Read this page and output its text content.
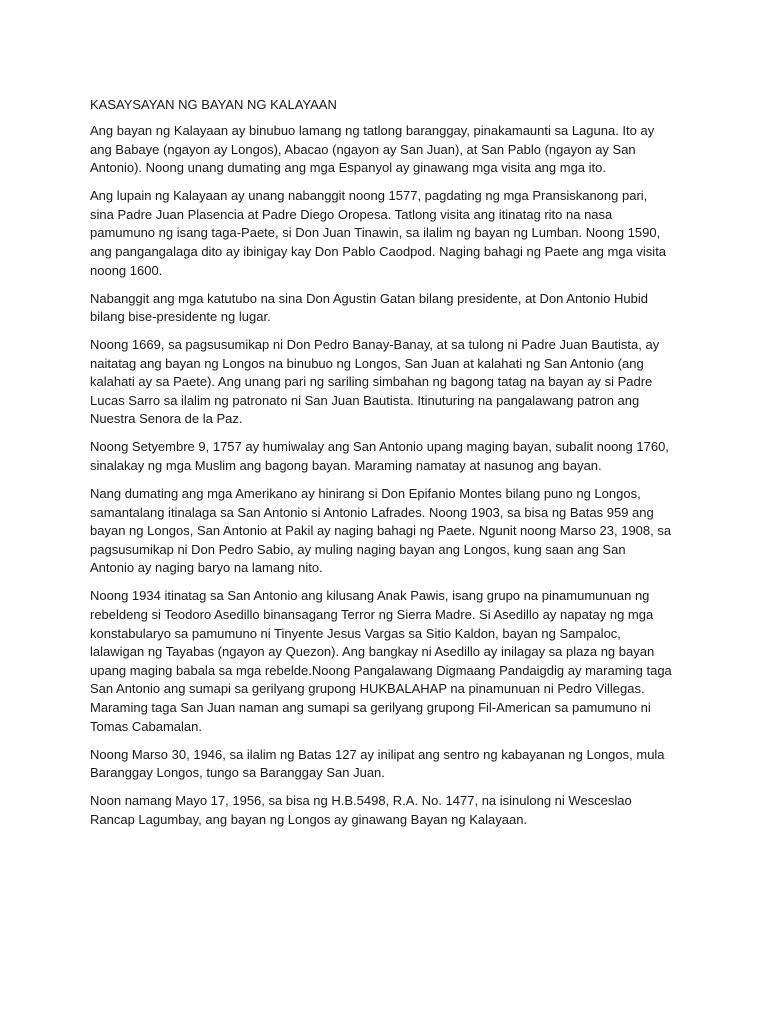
KASAYSAYAN NG BAYAN NG KALAYAAN

Ang bayan ng Kalayaan ay binubuo lamang ng tatlong baranggay, pinakamaunti sa Laguna. Ito ay ang Babaye (ngayon ay Longos), Abacao (ngayon ay San Juan), at San Pablo (ngayon ay San Antonio). Noong unang dumating ang mga Espanyol ay ginawang mga visita ang mga ito.

Ang lupain ng Kalayaan ay unang nabanggit noong 1577, pagdating ng mga Pransiskanong pari, sina Padre Juan Plasencia at Padre Diego Oropesa. Tatlong visita ang itinatag rito na nasa pamumuno ng isang taga-Paete, si Don Juan Tinawin, sa ilalim ng bayan ng Lumban. Noong 1590, ang pangangalaga dito ay ibinigay kay Don Pablo Caodpod. Naging bahagi ng Paete ang mga visita noong 1600.

Nabanggit ang mga katutubo na sina Don Agustin Gatan bilang presidente, at Don Antonio Hubid bilang bise-presidente ng lugar.

Noong 1669, sa pagsusumikap ni Don Pedro Banay-Banay, at sa tulong ni Padre Juan Bautista, ay naitatag ang bayan ng Longos na binubuo ng Longos, San Juan at kalahati ng San Antonio (ang kalahati ay sa Paete). Ang unang pari ng sariling simbahan ng bagong tatag na bayan ay si Padre Lucas Sarro sa ilalim ng patronato ni San Juan Bautista. Itinuturing na pangalawang patron ang Nuestra Senora de la Paz.

Noong Setyembre 9, 1757 ay humiwalay ang San Antonio upang maging bayan, subalit noong 1760, sinalakay ng mga Muslim ang bagong bayan. Maraming namatay at nasunog ang bayan.

Nang dumating ang mga Amerikano ay hinirang si Don Epifanio Montes bilang puno ng Longos, samantalang itinalaga sa San Antonio si Antonio Lafrades. Noong 1903, sa bisa ng Batas 959 ang bayan ng Longos, San Antonio at Pakil ay naging bahagi ng Paete. Ngunit noong Marso 23, 1908, sa pagsusumikap ni Don Pedro Sabio, ay muling naging bayan ang Longos, kung saan ang San Antonio ay naging baryo na lamang nito.

Noong 1934 itinatag sa San Antonio ang kilusang Anak Pawis, isang grupo na pinamumunuan ng rebeldeng si Teodoro Asedillo binansagang Terror ng Sierra Madre. Si Asedillo ay napatay ng mga konstabularyo sa pamumuno ni Tinyente Jesus Vargas sa Sitio Kaldon, bayan ng Sampaloc, lalawigan ng Tayabas (ngayon ay Quezon). Ang bangkay ni Asedillo ay inilagay sa plaza ng bayan upang maging babala sa mga rebelde.Noong Pangalawang Digmaang Pandaigdig ay maraming taga San Antonio ang sumapi sa gerilyang grupong HUKBALAHAP na pinamunuan ni Pedro Villegas. Maraming taga San Juan naman ang sumapi sa gerilyang grupong Fil-American sa pamumuno ni Tomas Cabamalan.

Noong Marso 30, 1946, sa ilalim ng Batas 127 ay inilipat ang sentro ng kabayanan ng Longos, mula Baranggay Longos, tungo sa Baranggay San Juan.

Noon namang Mayo 17, 1956, sa bisa ng H.B.5498, R.A. No. 1477, na isinulong ni Wesceslao Rancap Lagumbay, ang bayan ng Longos ay ginawang Bayan ng Kalayaan.
